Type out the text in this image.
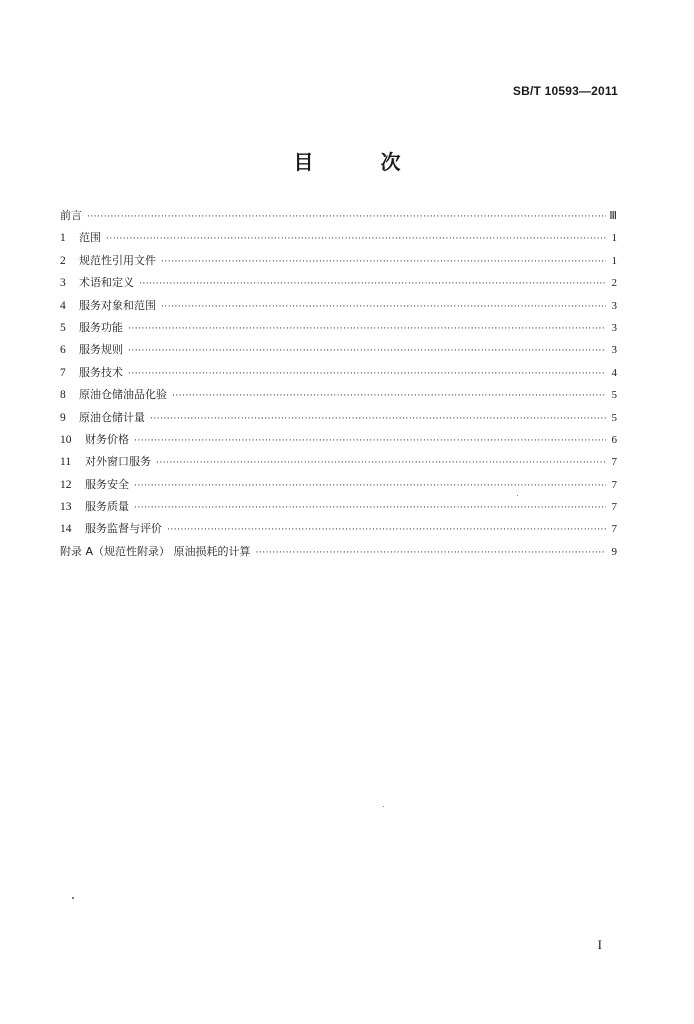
SB/T 10593—2011
目 次
前言 ·····	Ⅲ
1	范围 ·····	1
2	规范性引用文件 ·····	1
3	术语和定义 ·····	2
4	服务对象和范围 ·····	3
5	服务功能 ·····	3
6	服务规则 ·····	3
7	服务技术 ·····	4
8	原油仓储油品化验 ·····	5
9	原油仓储计量 ·····	5
10	财务价格 ·····	6
11	对外窗口服务 ·····	7
12	服务安全 ·····	7
13	服务质量 ·····	7
14	服务监督与评价 ·····	7
附录 A（规范性附录） 原油损耗的计算 ·····	9
I
